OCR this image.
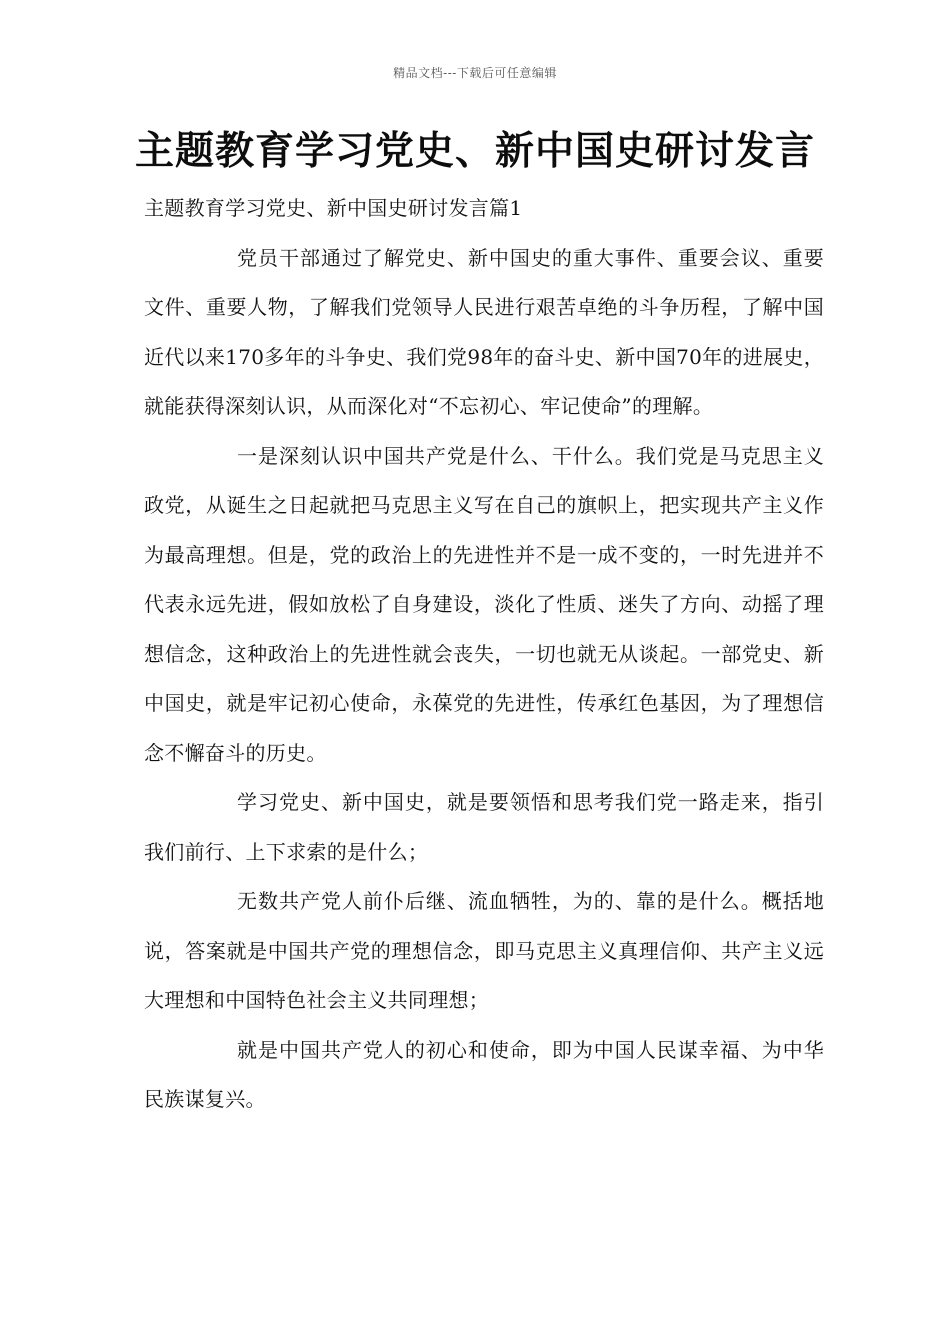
精品文档---下载后可任意编辑
主题教育学习党史、新中国史研讨发言

主题教育学习党史、新中国史研讨发言篇1

党员干部通过了解党史、新中国史的重大事件、重要会议、重要文件、重要人物，了解我们党领导人民进行艰苦卓绝的斗争历程，了解中国近代以来170多年的斗争史、我们党98年的奋斗史、新中国70年的进展史，就能获得深刻认识，从而深化对“不忘初心、牢记使命”的理解。

一是深刻认识中国共产党是什么、干什么。我们党是马克思主义政党，从诞生之日起就把马克思主义写在自己的旗帜上，把实现共产主义作为最高理想。但是，党的政治上的先进性并不是一成不变的，一时先进并不代表永远先进，假如放松了自身建设，淡化了性质、迷失了方向、动摇了理想信念，这种政治上的先进性就会丧失，一切也就无从谈起。一部党史、新中国史，就是牢记初心使命，永葆党的先进性，传承红色基因，为了理想信念不懈奋斗的历史。

学习党史、新中国史，就是要领悟和思考我们党一路走来，指引我们前行、上下求索的是什么；

无数共产党人前仆后继、流血牺牲，为的、靠的是什么。概括地说，答案就是中国共产党的理想信念，即马克思主义真理信仰、共产主义远大理想和中国特色社会主义共同理想；

就是中国共产党人的初心和使命，即为中国人民谋幸福、为中华民族谋复兴。
